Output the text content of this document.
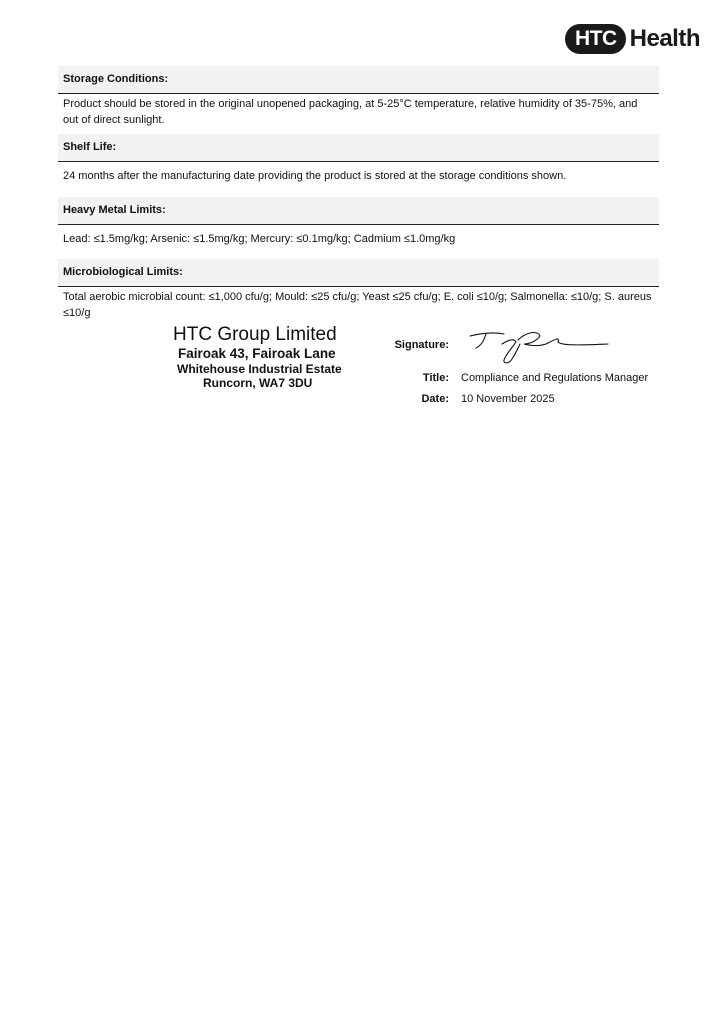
HTC Health
Storage Conditions:
Product should be stored in the original unopened packaging, at 5-25°C temperature, relative humidity of 35-75%, and
out of direct sunlight.
Shelf Life:
24 months after the manufacturing date providing the product is stored at the storage conditions shown.
Heavy Metal Limits:
Lead: ≤1.5mg/kg; Arsenic: ≤1.5mg/kg; Mercury: ≤0.1mg/kg; Cadmium ≤1.0mg/kg
Microbiological Limits:
Total aerobic microbial count: ≤1,000 cfu/g; Mould: ≤25 cfu/g; Yeast ≤25 cfu/g; E. coli ≤10/g; Salmonella: ≤10/g; S. aureus
≤10/g
HTC Group Limited
Fairoak 43, Fairoak Lane
Whitehouse Industrial Estate
Runcorn, WA7 3DU
Signature:
Title: Compliance and Regulations Manager
Date: 10 November 2025
